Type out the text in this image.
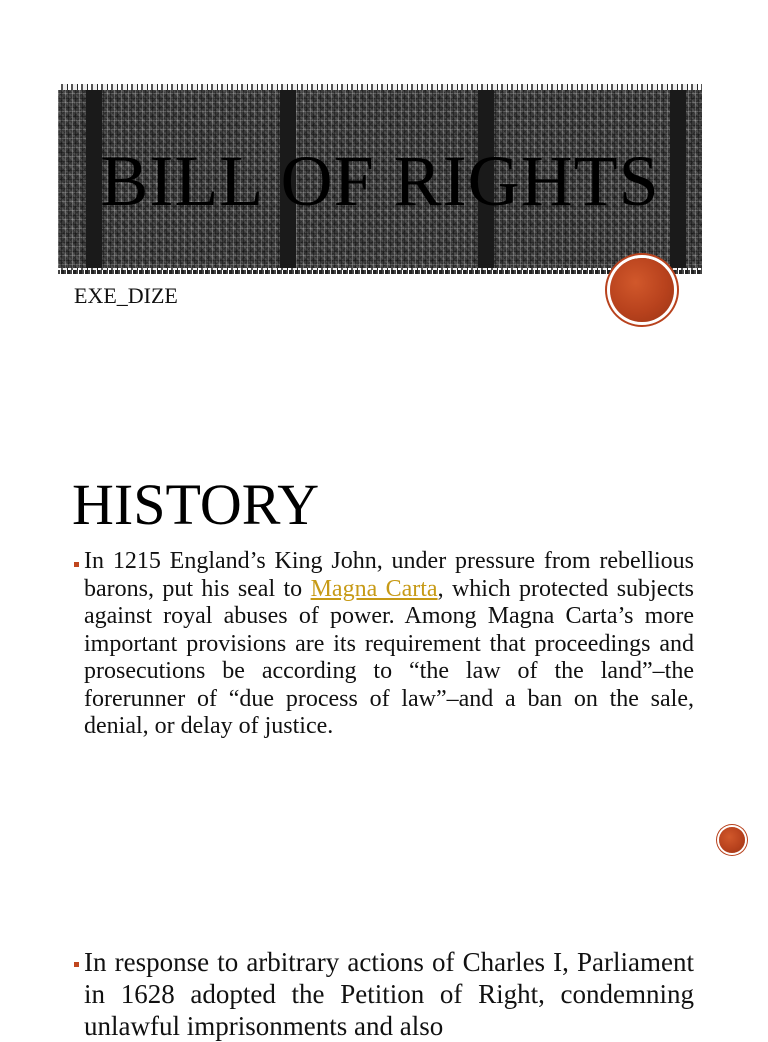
BILL OF RIGHTS
EXE_DIZE
HISTORY
In 1215 England’s King John, under pressure from rebellious barons, put his seal to Magna Carta, which protected subjects against royal abuses of power. Among Magna Carta’s more important provisions are its requirement that proceedings and prosecutions be according to “the law of the land”–the forerunner of “due process of law”–and a ban on the sale, denial, or delay of justice.
In response to arbitrary actions of Charles I, Parliament in 1628 adopted the Petition of Right, condemning unlawful imprisonments and also
